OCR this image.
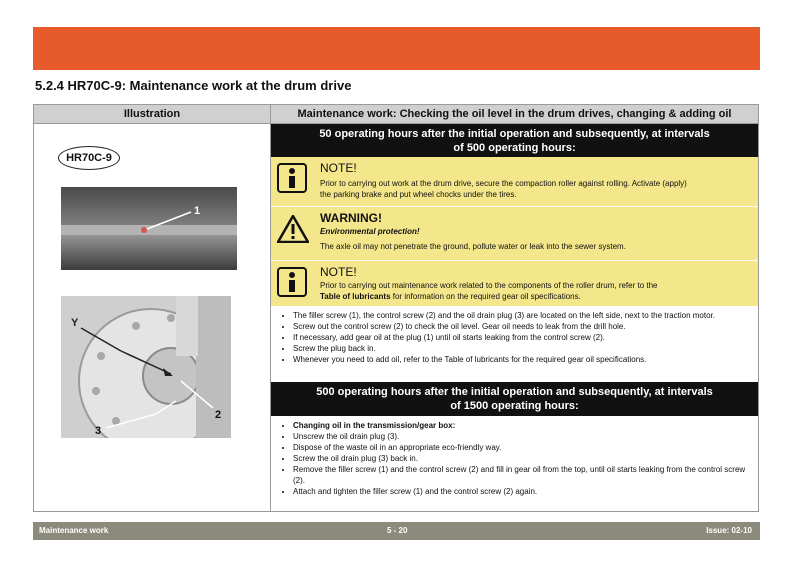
5.2.4 HR70C-9: Maintenance work at the drum drive
Illustration	Maintenance work: Checking the oil level in the drum drives, changing & adding oil
HR70C-9
1
Y
2
3
50 operating hours after the initial operation and subsequently, at intervals
of 500 operating hours:
NOTE!
Prior to carrying out work at the drum drive, secure the compaction roller against rolling. Activate (apply)
the parking brake and put wheel chocks under the tires.
WARNING!
Environmental protection!
The axle oil may not penetrate the ground, pollute water or leak into the sewer system.
NOTE!
Prior to carrying out maintenance work related to the components of the roller drum, refer to the
Table of lubricants for information on the required gear oil specifications.
• The filler screw (1), the control screw (2) and the oil drain plug (3) are located on the left side, next to the traction motor.
• Screw out the control screw (2) to check the oil level. Gear oil needs to leak from the drill hole.
• If necessary, add gear oil at the plug (1) until oil starts leaking from the control screw (2).
• Screw the plug back in.
• Whenever you need to add oil, refer to the Table of lubricants for the required gear oil specifications.
500 operating hours after the initial operation and subsequently, at intervals
of 1500 operating hours:
• Changing oil in the transmission/gear box:
• Unscrew the oil drain plug (3).
• Dispose of the waste oil in an appropriate eco-friendly way.
• Screw the oil drain plug (3) back in.
• Remove the filler screw (1) and the control screw (2) and fill in gear oil from the top, until oil starts leaking from the control screw (2).
• Attach and tighten the filler screw (1) and the control screw (2) again.
Maintenance work	5 - 20	Issue: 02-10
